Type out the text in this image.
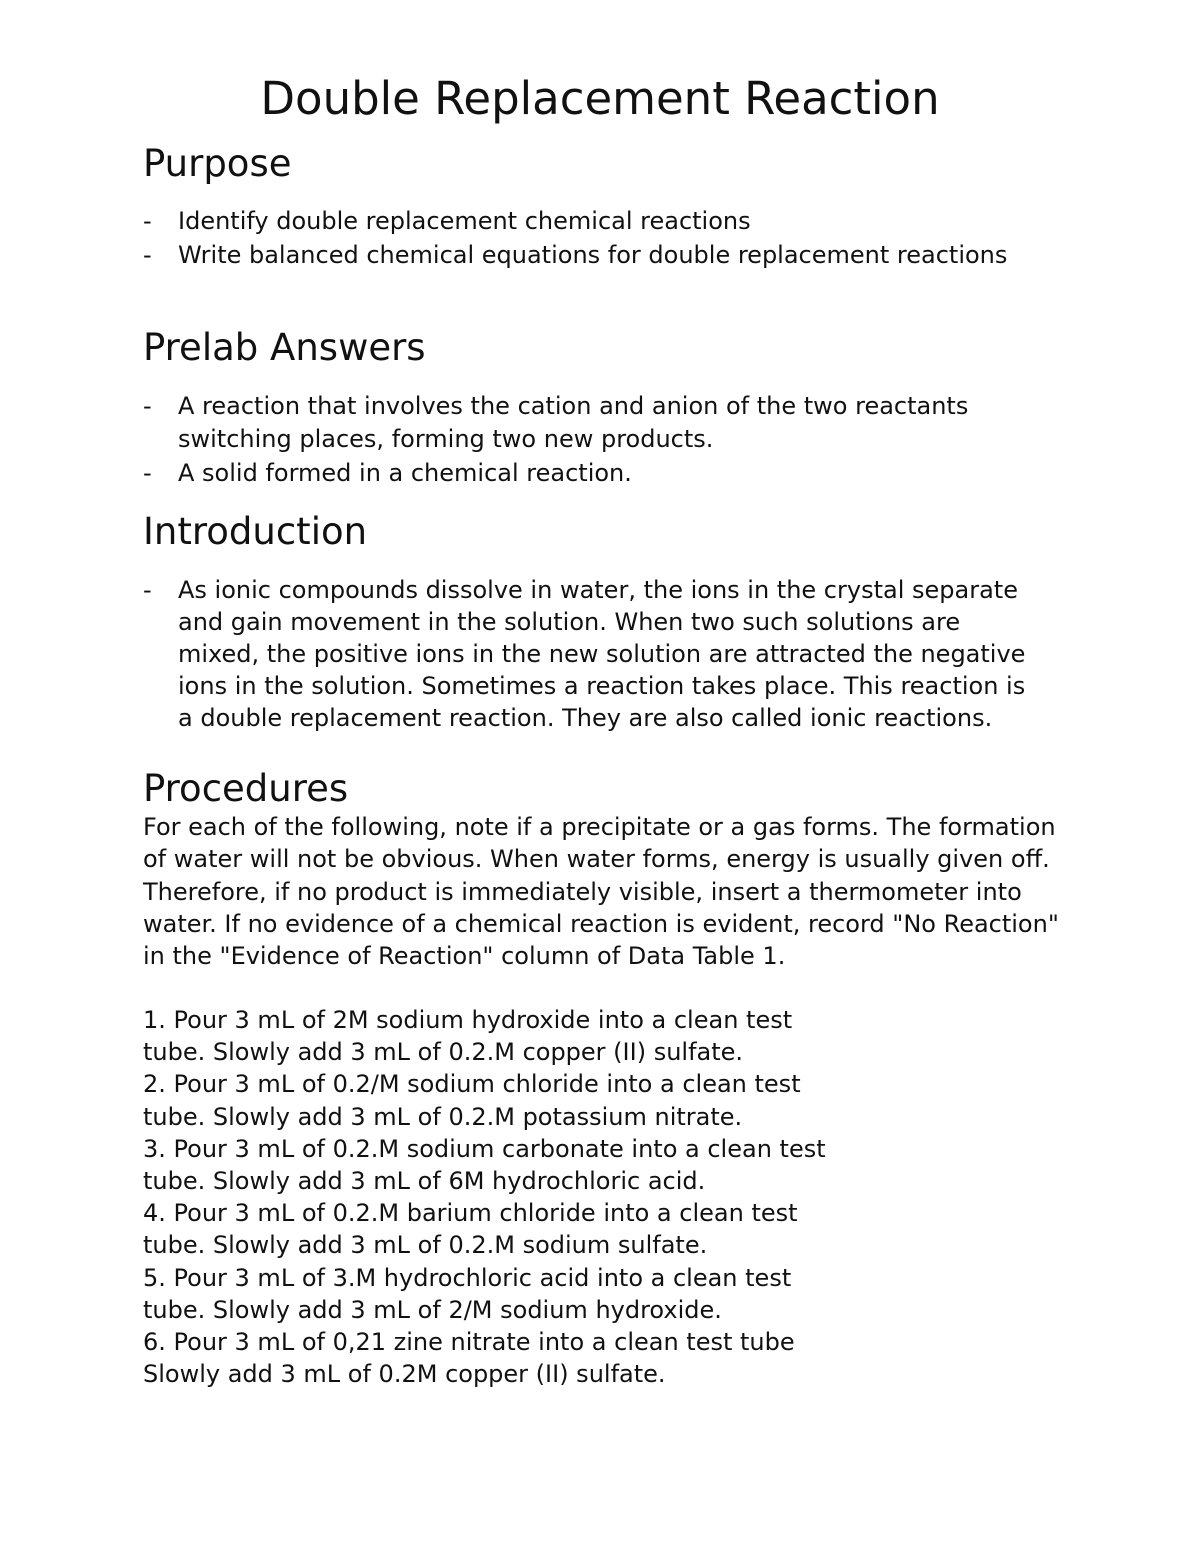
Double Replacement Reaction
Purpose
- Identify double replacement chemical reactions
- Write balanced chemical equations for double replacement reactions
Prelab Answers
- A reaction that involves the cation and anion of the two reactants switching places, forming two new products.
- A solid formed in a chemical reaction.
Introduction
- As ionic compounds dissolve in water, the ions in the crystal separate and gain movement in the solution. When two such solutions are mixed, the positive ions in the new solution are attracted the negative ions in the solution. Sometimes a reaction takes place. This reaction is a double replacement reaction. They are also called ionic reactions.
Procedures

For each of the following, note if a precipitate or a gas forms. The formation of water will not be obvious. When water forms, energy is usually given off. Therefore, if no product is immediately visible, insert a thermometer into water. If no evidence of a chemical reaction is evident, record "No Reaction" in the "Evidence of Reaction" column of Data Table 1.

1. Pour 3 mL of 2M sodium hydroxide into a clean test
tube. Slowly add 3 mL of 0.2.M copper (II) sulfate.
2. Pour 3 mL of 0.2/M sodium chloride into a clean test
tube. Slowly add 3 mL of 0.2.M potassium nitrate.
3. Pour 3 mL of 0.2.M sodium carbonate into a clean test
tube. Slowly add 3 mL of 6M hydrochloric acid.
4. Pour 3 mL of 0.2.M barium chloride into a clean test
tube. Slowly add 3 mL of 0.2.M sodium sulfate.
5. Pour 3 mL of 3.M hydrochloric acid into a clean test
tube. Slowly add 3 mL of 2/M sodium hydroxide.
6. Pour 3 mL of 0,21 zine nitrate into a clean test tube
Slowly add 3 mL of 0.2M copper (II) sulfate.
